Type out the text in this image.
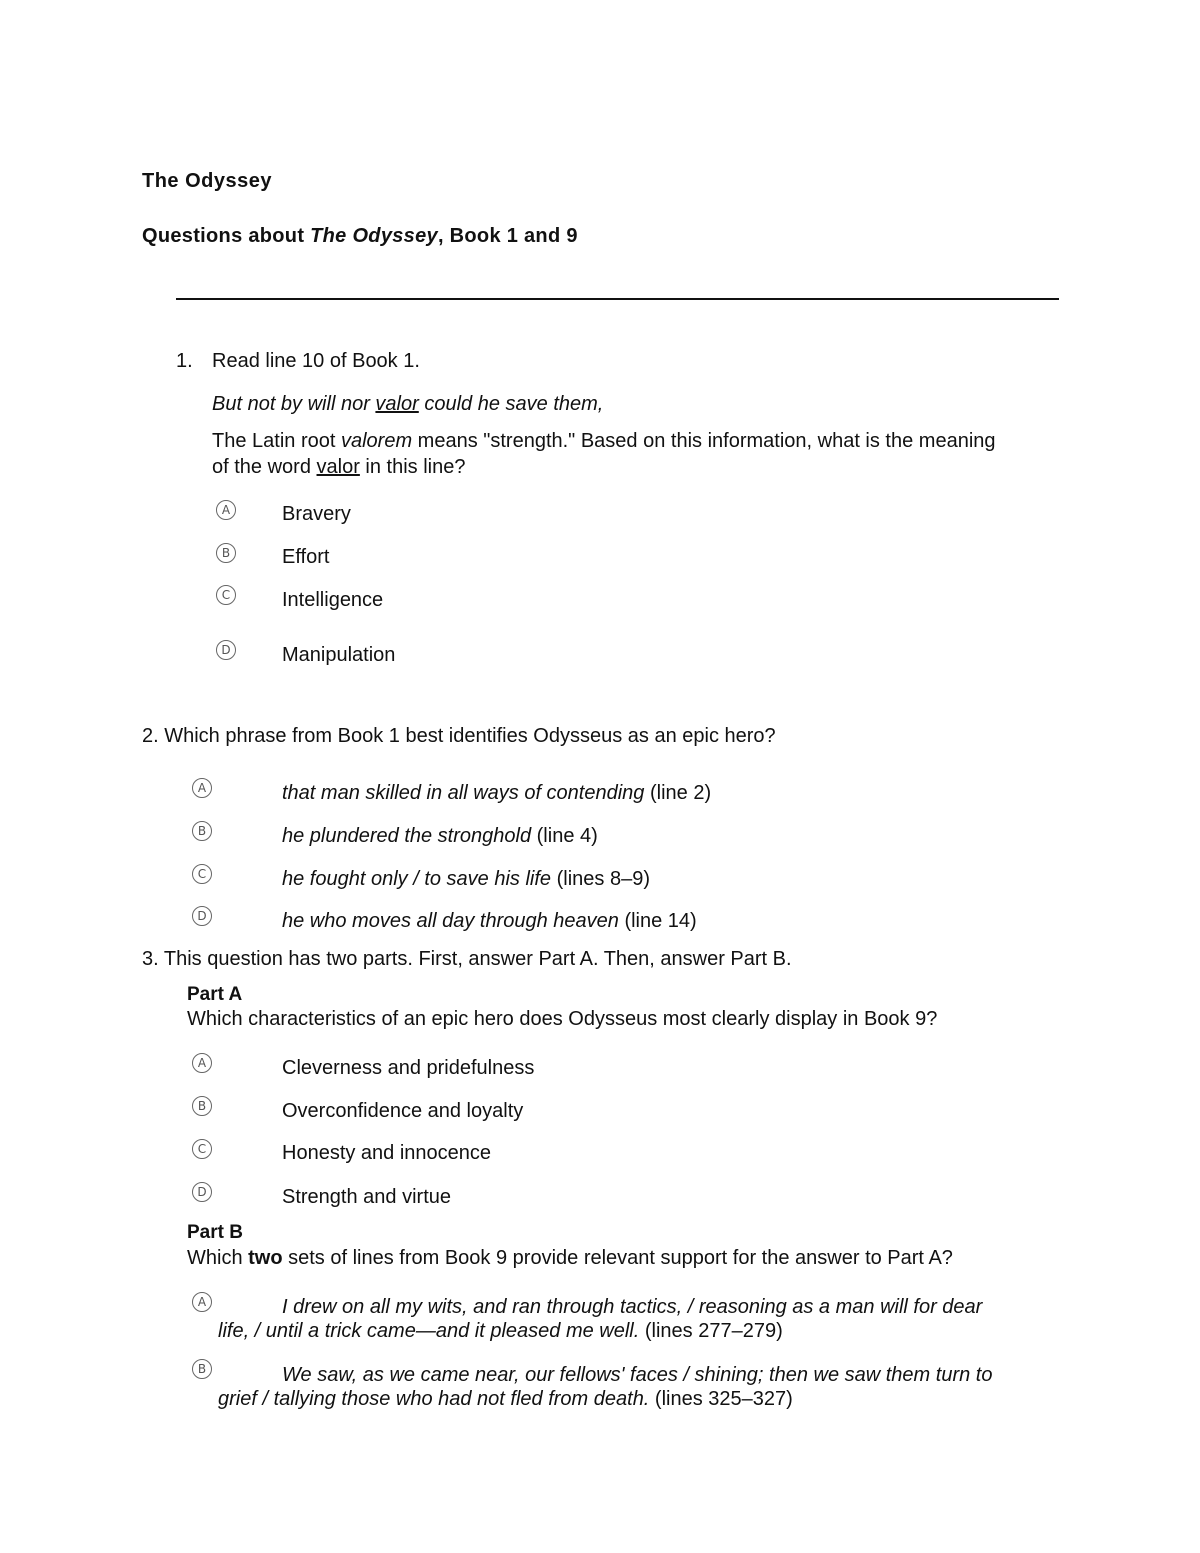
The Odyssey
Questions about The Odyssey, Book 1 and 9
1. Read line 10 of Book 1.
But not by will nor valor could he save them,
The Latin root valorem means "strength." Based on this information, what is the meaning
of the word valor in this line?
A	Bravery
B	Effort
C	Intelligence
D	Manipulation
2. Which phrase from Book 1 best identifies Odysseus as an epic hero?
A	that man skilled in all ways of contending (line 2)
B	he plundered the stronghold (line 4)
C	he fought only / to save his life (lines 8–9)
D	he who moves all day through heaven (line 14)
3. This question has two parts. First, answer Part A. Then, answer Part B.
Part A
Which characteristics of an epic hero does Odysseus most clearly display in Book 9?
A	Cleverness and pridefulness
B	Overconfidence and loyalty
C	Honesty and innocence
D	Strength and virtue
Part B
Which two sets of lines from Book 9 provide relevant support for the answer to Part A?
A	I drew on all my wits, and ran through tactics, / reasoning as a man will for dear
life, / until a trick came—and it pleased me well. (lines 277–279)
B	We saw, as we came near, our fellows' faces / shining; then we saw them turn to
grief / tallying those who had not fled from death. (lines 325–327)
